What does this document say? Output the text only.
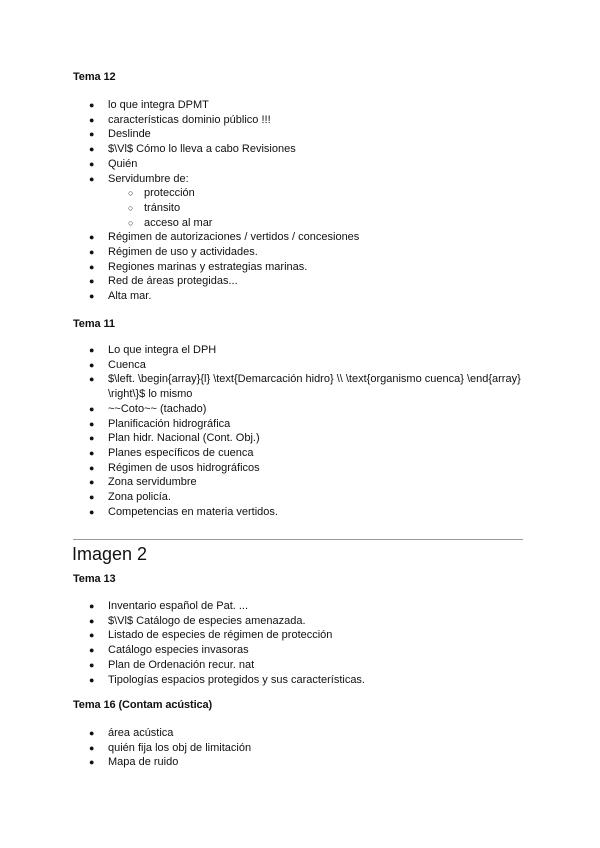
Tema 12
● lo que integra DPMT
● características dominio público !!!
● Deslinde
● $\Vl$ Cómo lo lleva a cabo Revisiones
● Quién
● Servidumbre de:
○ protección
○ tránsito
○ acceso al mar
● Régimen de autorizaciones / vertidos / concesiones
● Régimen de uso y actividades.
● Regiones marinas y estrategias marinas.
● Red de áreas protegidas...
● Alta mar.
Tema 11
● Lo que integra el DPH
● Cuenca
● $\left. \begin{array}{l} \text{Demarcación hidro} \\ \text{organismo cuenca} \end{array} \right\}$ lo mismo
● ~~Coto~~ (tachado)
● Planificación hidrográfica
● Plan hidr. Nacional (Cont. Obj.)
● Planes específicos de cuenca
● Régimen de usos hidrográficos
● Zona servidumbre
● Zona policía.
● Competencias en materia vertidos.
Imagen 2
Tema 13
● Inventario español de Pat. ...
● $\Vl$ Catálogo de especies amenazada.
● Listado de especies de régimen de protección
● Catálogo especies invasoras
● Plan de Ordenación recur. nat
● Tipologías espacios protegidos y sus características.
Tema 16 (Contam acústica)
● área acústica
● quién fija los obj de limitación
● Mapa de ruido
